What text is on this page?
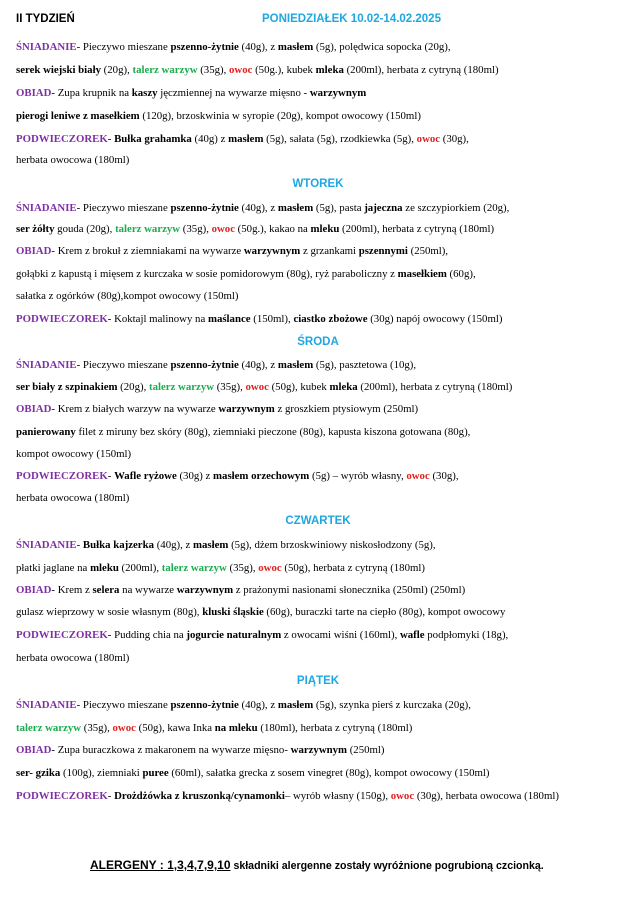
II TYDZIEŃ	PONIEDZIAŁEK 10.02-14.02.2025
ŚNIADANIE- Pieczywo mieszane pszenno-żytnie (40g), z masłem (5g), polędwica sopocka (20g),
serek wiejski biały (20g), talerz warzyw (35g), owoc (50g.), kubek mleka (200ml), herbata z cytryną (180ml)
OBIAD- Zupa krupnik na kaszy jęczmiennej na wywarze mięsno - warzywnym
pierogi leniwe z masełkiem (120g), brzoskwinia w syropie (20g), kompot owocowy (150ml)
PODWIECZOREK- Bułka grahamka (40g) z masłem (5g), sałata (5g), rzodkiewka (5g), owoc (30g),
herbata owocowa (180ml)
WTOREK
ŚNIADANIE- Pieczywo mieszane pszenno-żytnie (40g), z masłem (5g), pasta jajeczna ze szczypiorkiem (20g),
ser żółty gouda (20g), talerz warzyw (35g), owoc (50g.), kakao na mleku (200ml), herbata z cytryną (180ml)
OBIAD- Krem z brokuł z ziemniakami na wywarze warzywnym z grzankami pszennymi (250ml),
gołąbki z kapustą i mięsem z kurczaka w sosie pomidorowym (80g), ryż paraboliczny z masełkiem (60g),
sałatka z ogórków (80g),kompot owocowy (150ml)
PODWIECZOREK- Koktajl malinowy na maślance (150ml), ciastko zbożowe (30g) napój owocowy (150ml)
ŚRODA
ŚNIADANIE- Pieczywo mieszane pszenno-żytnie (40g), z masłem (5g), pasztetowa (10g),
ser biały z szpinakiem (20g), talerz warzyw (35g), owoc (50g), kubek mleka (200ml), herbata z cytryną (180ml)
OBIAD- Krem z białych warzyw na wywarze warzywnym z groszkiem ptysiowym (250ml)
panierowany filet z miruny bez skóry (80g), ziemniaki pieczone (80g), kapusta kiszona gotowana (80g),
kompot owocowy (150ml)
PODWIECZOREK- Wafle ryżowe (30g) z masłem orzechowym (5g) – wyrób własny, owoc (30g),
herbata owocowa (180ml)
CZWARTEK
ŚNIADANIE- Bułka kajzerka (40g), z masłem (5g), dżem brzoskwiniowy niskosłodzony (5g),
płatki jaglane na mleku (200ml), talerz warzyw (35g), owoc (50g), herbata z cytryną (180ml)
OBIAD- Krem z selera na wywarze warzywnym z prażonymi nasionami słonecznika (250ml) (250ml)
gulasz wieprzowy w sosie własnym (80g), kluski śląskie (60g), buraczki tarte na ciepło (80g), kompot owocowy
PODWIECZOREK- Pudding chia na jogurcie naturalnym z owocami wiśni (160ml), wafle podpłomyki (18g),
herbata owocowa (180ml)
PIĄTEK
ŚNIADANIE- Pieczywo mieszane pszenno-żytnie (40g), z masłem (5g), szynka pierś z kurczaka (20g),
talerz warzyw (35g), owoc (50g), kawa Inka na mleku (180ml), herbata z cytryną (180ml)
OBIAD- Zupa buraczkowa z makaronem na wywarze mięsno- warzywnym (250ml)
ser- gzika (100g), ziemniaki puree (60ml), sałatka grecka z sosem vinegret (80g), kompot owocowy (150ml)
PODWIECZOREK- Drożdżówka z kruszonką/cynamonki– wyrób własny (150g), owoc (30g), herbata owocowa (180ml)
ALERGENY : 1,3,4,7,9,10 składniki alergenne zostały wyróżnione pogrubioną czcionką.
